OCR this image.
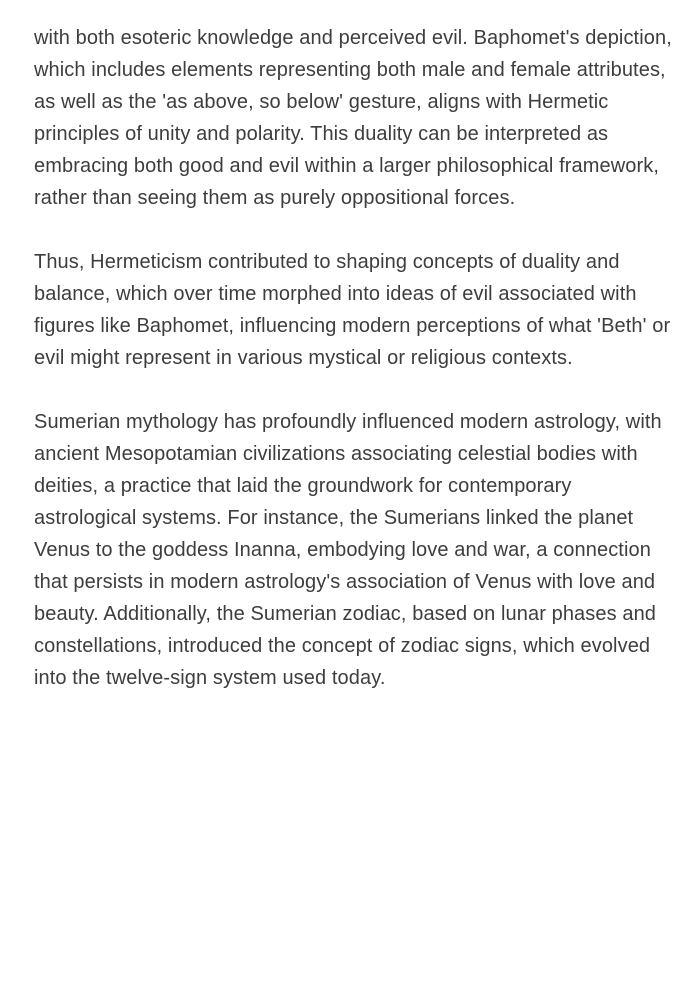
with both esoteric knowledge and perceived evil. Baphomet's depiction, which includes elements representing both male and female attributes, as well as the 'as above, so below' gesture, aligns with Hermetic principles of unity and polarity. This duality can be interpreted as embracing both good and evil within a larger philosophical framework, rather than seeing them as purely oppositional forces.

Thus, Hermeticism contributed to shaping concepts of duality and balance, which over time morphed into ideas of evil associated with figures like Baphomet, influencing modern perceptions of what 'Beth' or evil might represent in various mystical or religious contexts.

Sumerian mythology has profoundly influenced modern astrology, with ancient Mesopotamian civilizations associating celestial bodies with deities, a practice that laid the groundwork for contemporary astrological systems. For instance, the Sumerians linked the planet Venus to the goddess Inanna, embodying love and war, a connection that persists in modern astrology's association of Venus with love and beauty. Additionally, the Sumerian zodiac, based on lunar phases and constellations, introduced the concept of zodiac signs, which evolved into the twelve-sign system used today.
